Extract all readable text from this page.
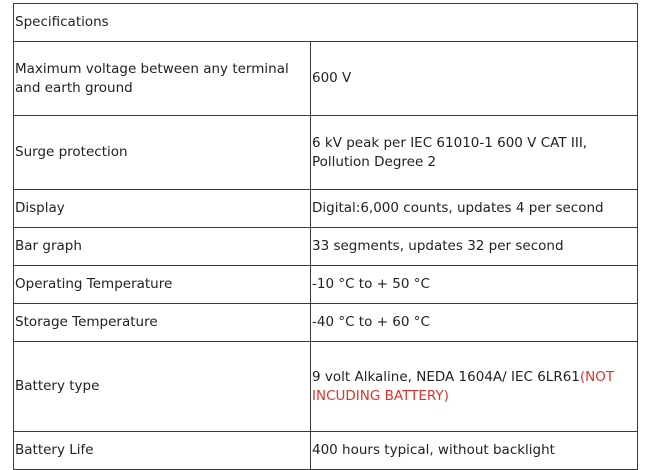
Specifications	
Maximum voltage between any terminal and earth ground	600 V
Surge protection	6 kV peak per IEC 61010-1 600 V CAT III, Pollution Degree 2
Display	Digital:6,000 counts, updates 4 per second
Bar graph	33 segments, updates 32 per second
Operating Temperature	-10 °C to + 50 °C
Storage Temperature	-40 °C to + 60 °C
Battery type	9 volt Alkaline, NEDA 1604A/ IEC 6LR61(NOT INCUDING BATTERY)
Battery Life	400 hours typical, without backlight
